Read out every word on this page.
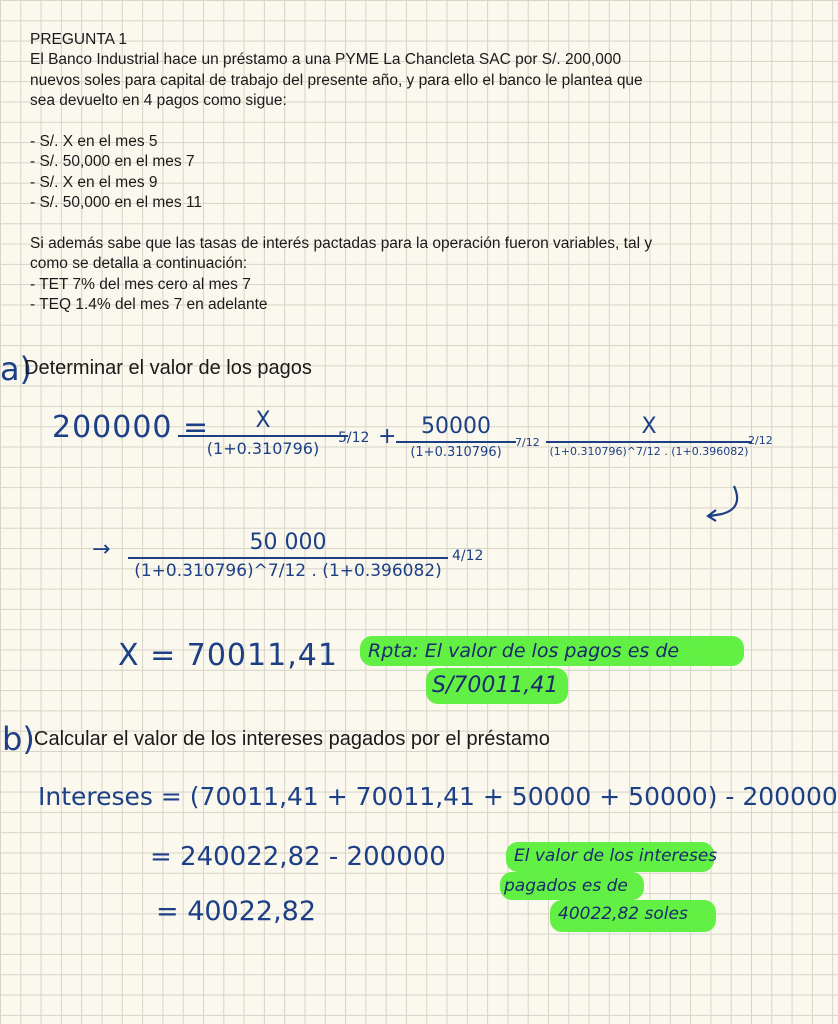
PREGUNTA 1

El Banco Industrial hace un préstamo a una PYME La Chancleta SAC por S/. 200,000

nuevos soles para capital de trabajo del presente año, y para ello el banco le plantea que

sea devuelto en 4 pagos como sigue:

- S/. X en el mes 5

- S/. 50,000 en el mes 7

- S/. X en el mes 9

- S/. 50,000 en el mes 11

Si además sabe que las tasas de interés pactadas para la operación fueron variables, tal y

como se detalla a continuación:

- TET 7% del mes cero al mes 7

- TEQ 1.4% del mes 7 en adelante

a)
Determinar el valor de los pagos
200000 =	X
(1+0.310796)
5/12 +	50000
(1+0.310796)
7/12
X
(1+0.310796)^7/12 . (1+0.396082)
2/12
→	50 000
(1+0.310796)^7/12 . (1+0.396082)
4/12
X = 70011,41 Rpta: El valor de los pagos es de
S/70011,41
b) Calcular el valor de los intereses pagados por el préstamo
Intereses = (70011,41 + 70011,41 + 50000 + 50000) - 200000
= 240022,82 - 200000
= 40022,82
El valor de los intereses
pagados es de
40022,82 soles
